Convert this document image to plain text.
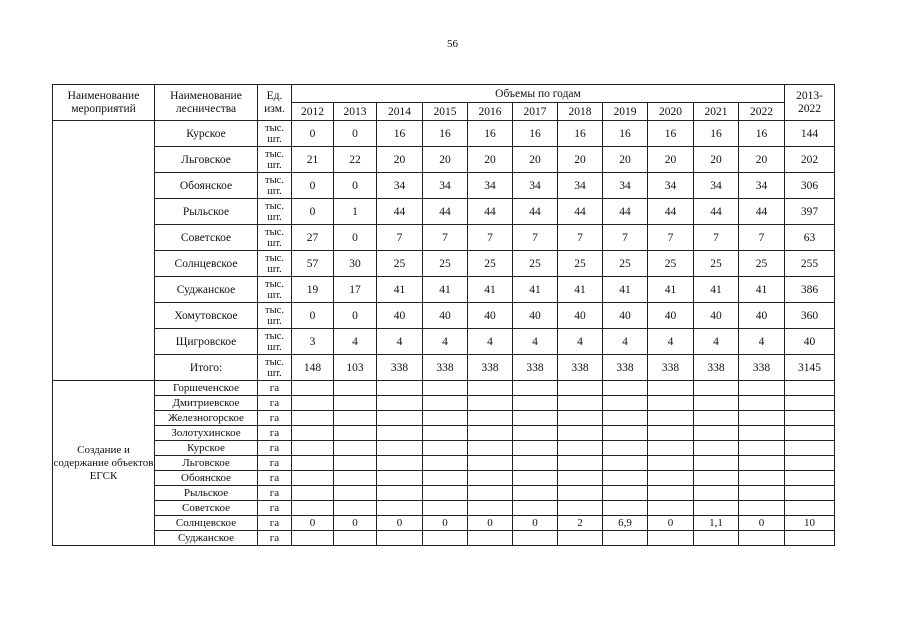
56
Наименование мероприятий	Наименование лесничества	Ед. изм.	Объемы по годам											2013-
2022
			2012	2013	2014	2015	2016	2017	2018	2019	2020	2021	2022	
	Курское	тыс. шт.	0	0	16	16	16	16	16	16	16	16	16	144
	Льговское	тыс. шт.	21	22	20	20	20	20	20	20	20	20	20	202
	Обоянское	тыс. шт.	0	0	34	34	34	34	34	34	34	34	34	306
	Рыльское	тыс. шт.	0	1	44	44	44	44	44	44	44	44	44	397
	Советское	тыс. шт.	27	0	7	7	7	7	7	7	7	7	7	63
	Солнцевское	тыс. шт.	57	30	25	25	25	25	25	25	25	25	25	255
	Суджанское	тыс. шт.	19	17	41	41	41	41	41	41	41	41	41	386
	Хомутовское	тыс. шт.	0	0	40	40	40	40	40	40	40	40	40	360
	Щигровское	тыс. шт.	3	4	4	4	4	4	4	4	4	4	4	40
	Итого:	тыс. шт.	148	103	338	338	338	338	338	338	338	338	338	3145
Создание и содержание объектов ЕГСК	Горшеченское	га												
	Дмитриевское	га												
	Железногорское	га												
	Золотухинское	га												
	Курское	га												
	Льговское	га												
	Обоянское	га												
	Рыльское	га												
	Советское	га												
	Солнцевское	га	0	0	0	0	0	0	2	6,9	0	1,1	0	10
	Суджанское	га												
